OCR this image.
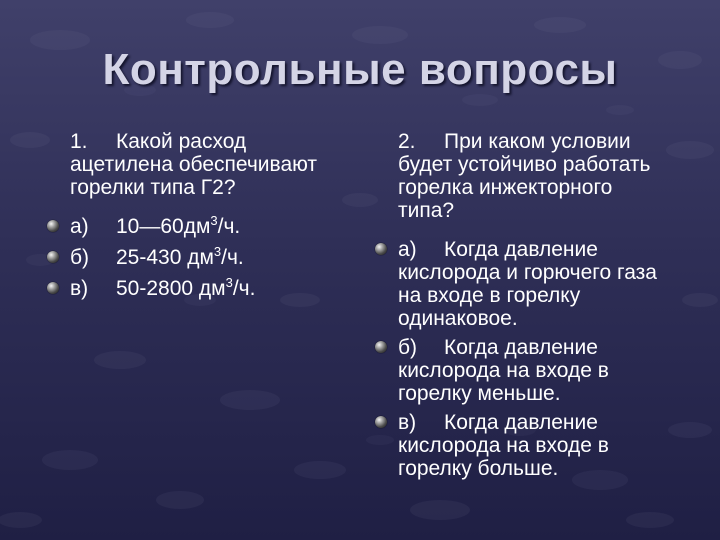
Контрольные вопросы
1. Какой расход ацетилена обеспечивают горелки типа Г2?
а) $10—60дм^3/ч$.
б) 25-430 $дм^3/ч$.
в) 50-2800 $дм^3/ч$.
2. При каком условии будет устойчиво работать горелка инжекторного типа?
а) Когда давление кислорода и горючего газа на входе в горелку одинаковое.
б) Когда давление кислорода на входе в горелку меньше.
в) Когда давление кислорода на входе в горелку больше.
